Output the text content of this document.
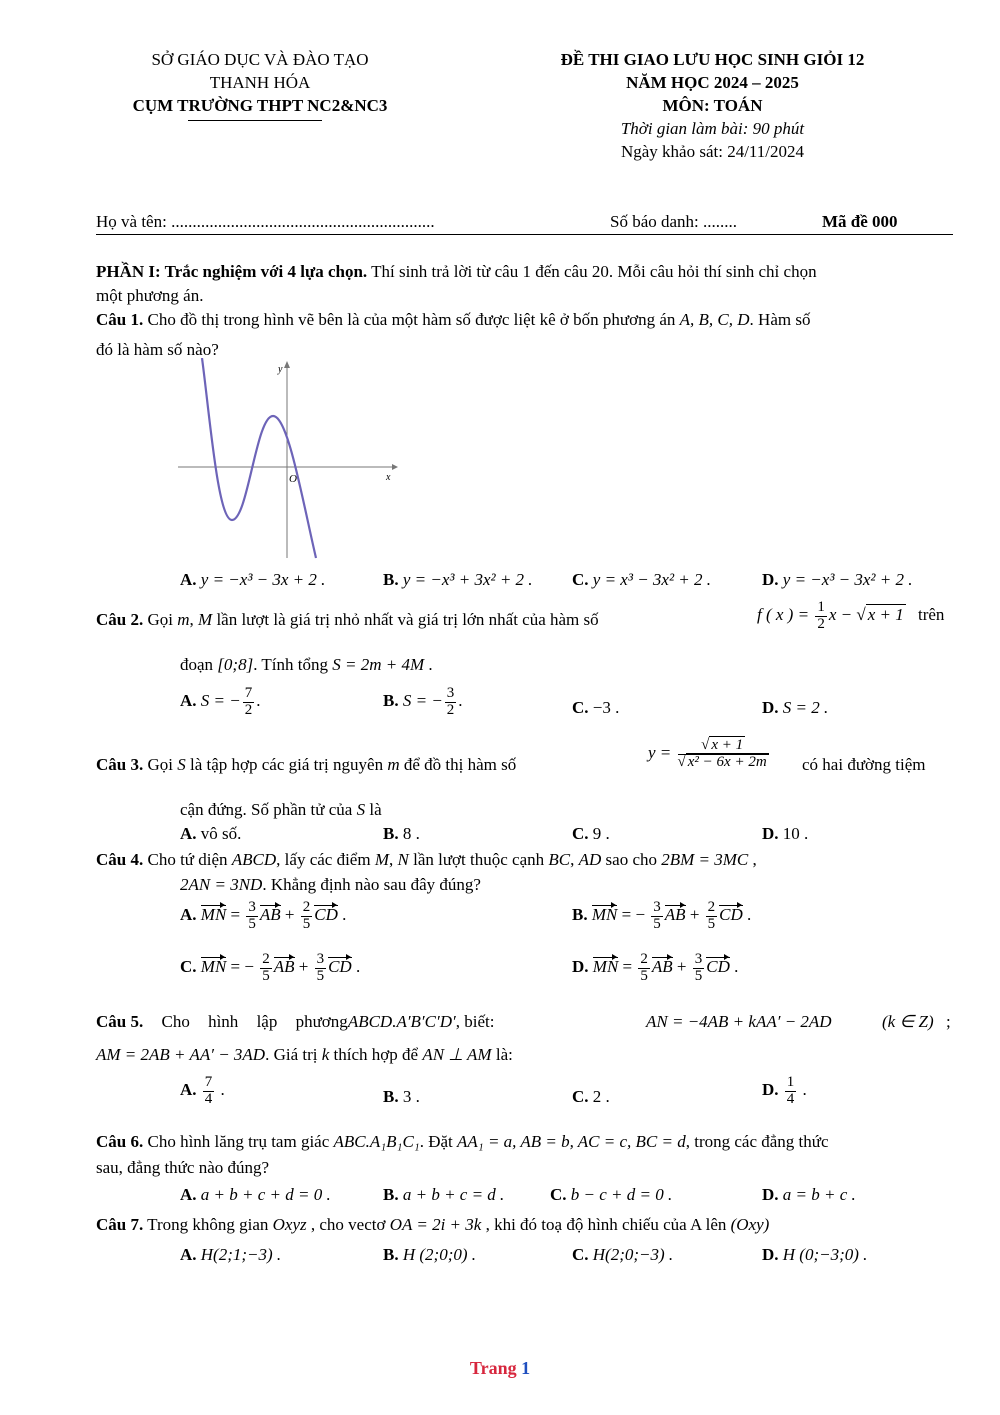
SỞ GIÁO DỤC VÀ ĐÀO TẠO
THANH HÓA
CỤM TRƯỜNG THPT NC2&NC3
ĐỀ THI GIAO LƯU HỌC SINH GIỎI 12
NĂM HỌC 2024 – 2025
MÔN: TOÁN
Thời gian làm bài: 90 phút
Ngày khảo sát: 24/11/2024
Họ và tên: ..............................................................	Số báo danh: ........	Mã đề 000
PHẦN I: Trắc nghiệm với 4 lựa chọn. Thí sinh trả lời từ câu 1 đến câu 20. Mỗi câu hỏi thí sinh chỉ chọn
một phương án.
Câu 1. Cho đồ thị trong hình vẽ bên là của một hàm số được liệt kê ở bốn phương án A, B, C, D. Hàm số
đó là hàm số nào?
y
x
O
A. y = −x³ − 3x + 2 .	B. y = −x³ + 3x² + 2 . C. y = x³ − 3x² + 2 .	D. y = −x³ − 3x² + 2 .
Câu 2. Gọi m, M lần lượt là giá trị nhỏ nhất và giá trị lớn nhất của hàm số	f ( x ) = $\frac{1}{2}$ x − √ x + 1 trên
đoạn [0;8]. Tính tổng S = 2m + 4M .
A. S = − $\frac{7}{2}$ .	B. S = − $\frac{3}{2}$ .	C. −3 .	D. S = 2 .
Câu 3. Gọi S là tập hợp các giá trị nguyên m để đồ thị hàm số
$y = \frac{√ x + 1}{\text{√ x² − 6x + 2m}}$ có hai đường tiệm
cận đứng. Số phần tử của S là
A. vô số.	B. 8 .	C. 9 .	D. 10 .
Câu 4. Cho tứ diện ABCD, lấy các điểm M, N lần lượt thuộc cạnh BC, AD sao cho 2BM = 3MC ,
2AN = 3ND. Khẳng định nào sau đây đúng?
A. MN = $\frac{3}{5}$ AB + $\frac{2}{5}$ CD .	B. MN = − $\frac{3}{5}$ AB + $\frac{2}{5}$ CD .
C. MN = − $\frac{2}{5}$ AB + $\frac{3}{5}$ CD .	D. MN = $\frac{2}{5}$ AB + $\frac{3}{5}$ CD .
Câu 5. Cho hình lập phươngABCD.A′B′C′D′, biết:	AN = −4AB + kAA′ − 2AD	(k ∈ Z) ;
AM = 2AB + AA′ − 3AD. Giá trị k thích hợp để AN ⊥ AM là:
A. $\frac{7}{4}$ .	B. 3 .	C. 2 .	D. $\frac{1}{4}$ .
Câu 6. Cho hình lăng trụ tam giác ABC.A₁B₁C₁. Đặt AA₁ = a, AB = b, AC = c, BC = d, trong các đẳng thức
sau, đẳng thức nào đúng?
A. a + b + c + d = 0 .	B. a + b + c = d .	C. b − c + d = 0 .	D. a = b + c .
Câu 7. Trong không gian Oxyz , cho vectơ OA = 2i + 3k , khi đó toạ độ hình chiếu của A lên (Oxy)
A. H(2;1;−3) .	B. H (2;0;0) .	C. H(2;0;−3) .	D. H (0;−3;0) .
Trang 1
